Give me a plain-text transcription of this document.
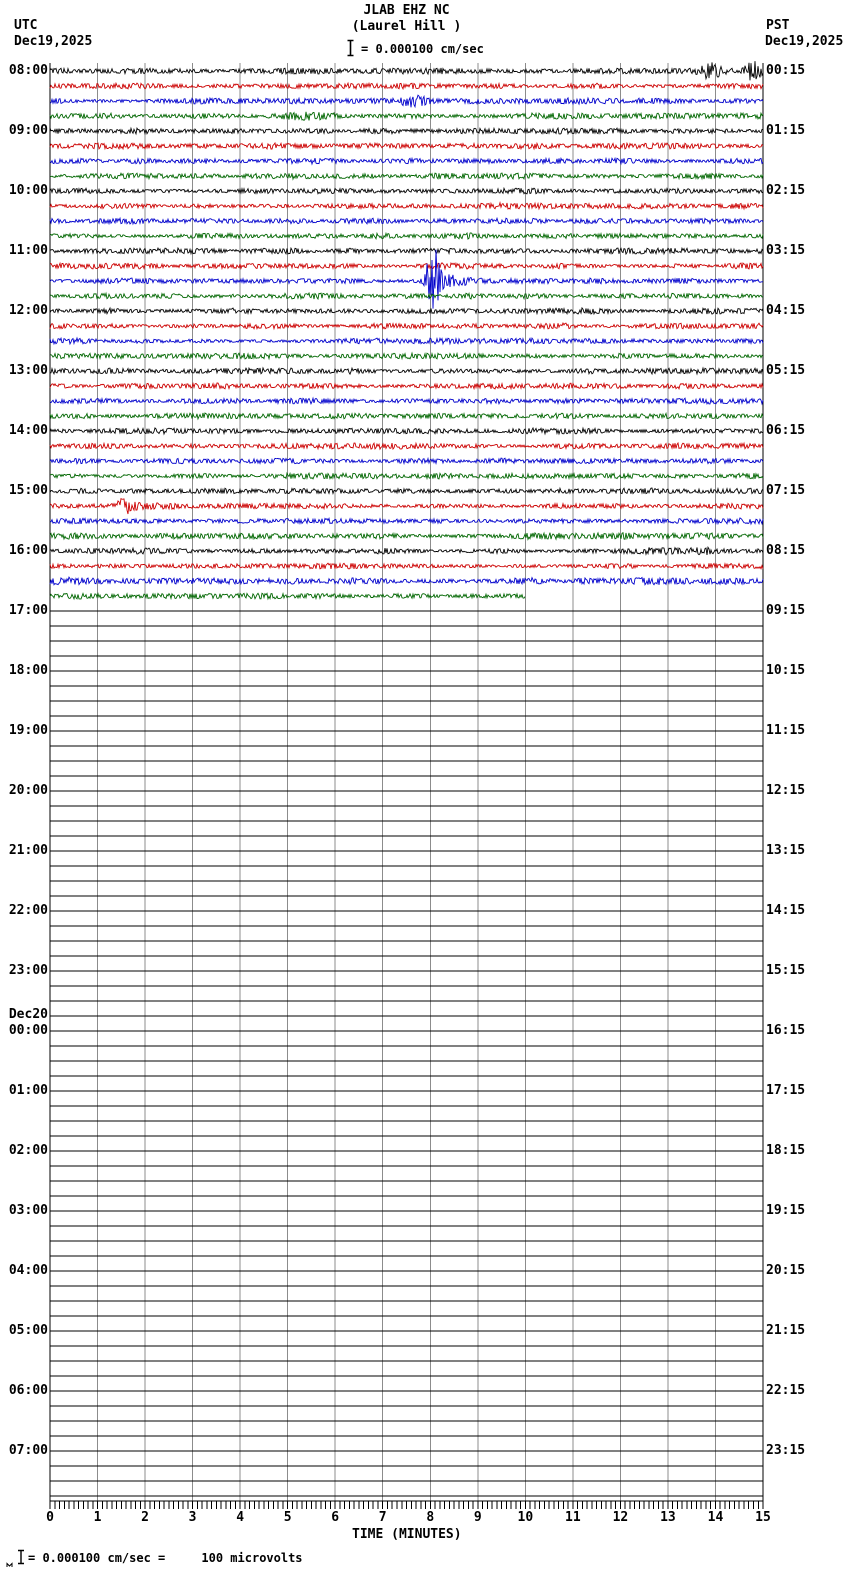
UTC
Dec19,2025
JLAB EHZ NC
(Laurel Hill )
= 0.000100 cm/sec
PST
Dec19,2025
08:00
09:00
10:00
11:00
12:00
13:00
14:00
15:00
16:00
17:00
18:00
19:00
20:00
21:00
22:00
23:00
Dec20
00:00
01:00
02:00
03:00
04:00
05:00
06:00
07:00
00:15
01:15
02:15
03:15
04:15
05:15
06:15
07:15
08:15
09:15
10:15
11:15
12:15
13:15
14:15
15:15
16:15
17:15
18:15
19:15
20:15
21:15
22:15
23:15
0	1	2	3	4	5	6	7	8	9	10	11	12	13	14	15
TIME (MINUTES)
= 0.000100 cm/sec =     100 microvolts
